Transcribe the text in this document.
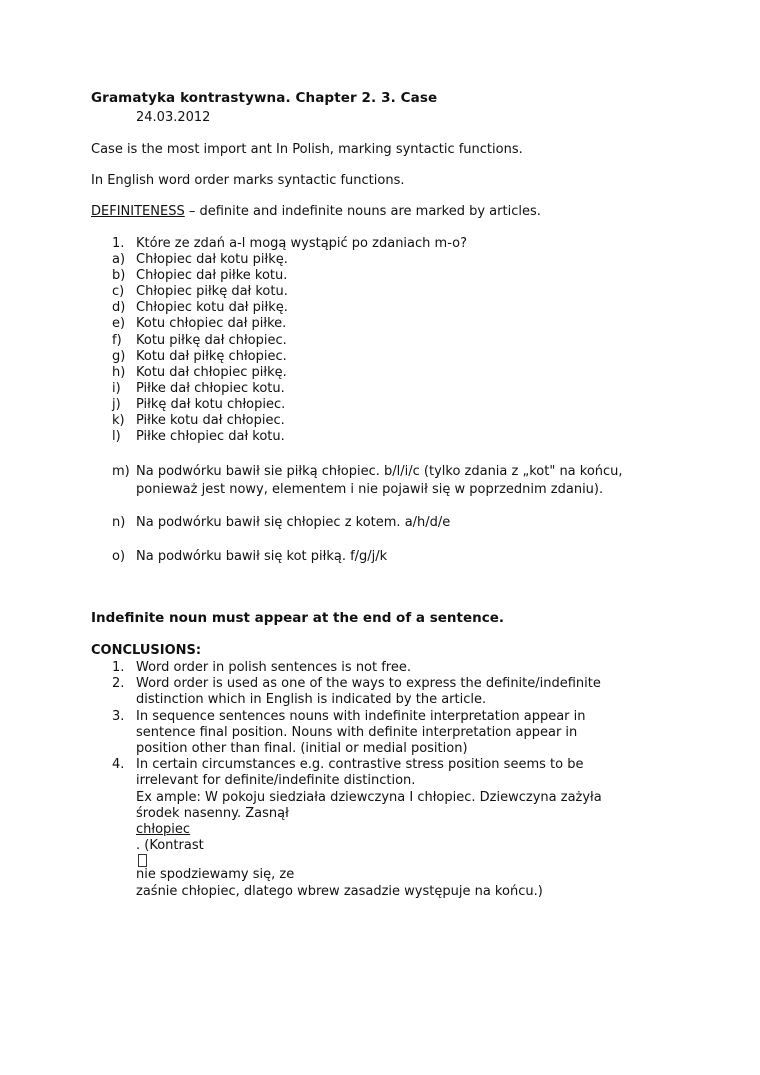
Gramatyka kontrastywna. Chapter 2. 3. Case
24.03.2012
Case is the most import ant In Polish, marking syntactic functions.
In English word order marks syntactic functions.
DEFINITENESS – definite and indefinite nouns are marked by articles.
1. Które ze zdań a-l mogą wystąpić po zdaniach m-o?
a) Chłopiec dał kotu piłkę.
b) Chłopiec dał piłke kotu.
c) Chłopiec piłkę dał kotu.
d) Chłopiec kotu dał piłkę.
e) Kotu chłopiec dał piłke.
f)	Kotu piłkę dał chłopiec.
g) Kotu dał piłkę chłopiec.
h) Kotu dał chłopiec piłkę.
i)	Piłke dał chłopiec kotu.
j)	Piłkę dał kotu chłopiec.
k) Piłke kotu dał chłopiec.
l)	Piłke chłopiec dał kotu.
m) Na podwórku bawił sie piłką chłopiec. b/l/i/c (tylko zdania z „kot" na końcu,
ponieważ jest nowy, elementem i nie pojawił się w poprzednim zdaniu).
n) Na podwórku bawił się chłopiec z kotem. a/h/d/e
o) Na podwórku bawił się kot piłką. f/g/j/k
Indefinite noun must appear at the end of a sentence.
CONCLUSIONS:
1. Word order in polish sentences is not free.
2. Word order is used as one of the ways to express the definite/indefinite
distinction which in English is indicated by the article.
3. In sequence sentences nouns with indefinite interpretation appear in
sentence final position. Nouns with definite interpretation appear in
position other than final. (initial or medial position)
4. In certain circumstances e.g. contrastive stress position seems to be
irrelevant for definite/indefinite distinction.
Ex ample: W pokoju siedziała dziewczyna I chłopiec. Dziewczyna zażyła
środek nasenny. Zasnął
chłopiec
. (Kontrast
nie spodziewamy się, ze
zaśnie chłopiec, dlatego wbrew zasadzie występuje na końcu.)
